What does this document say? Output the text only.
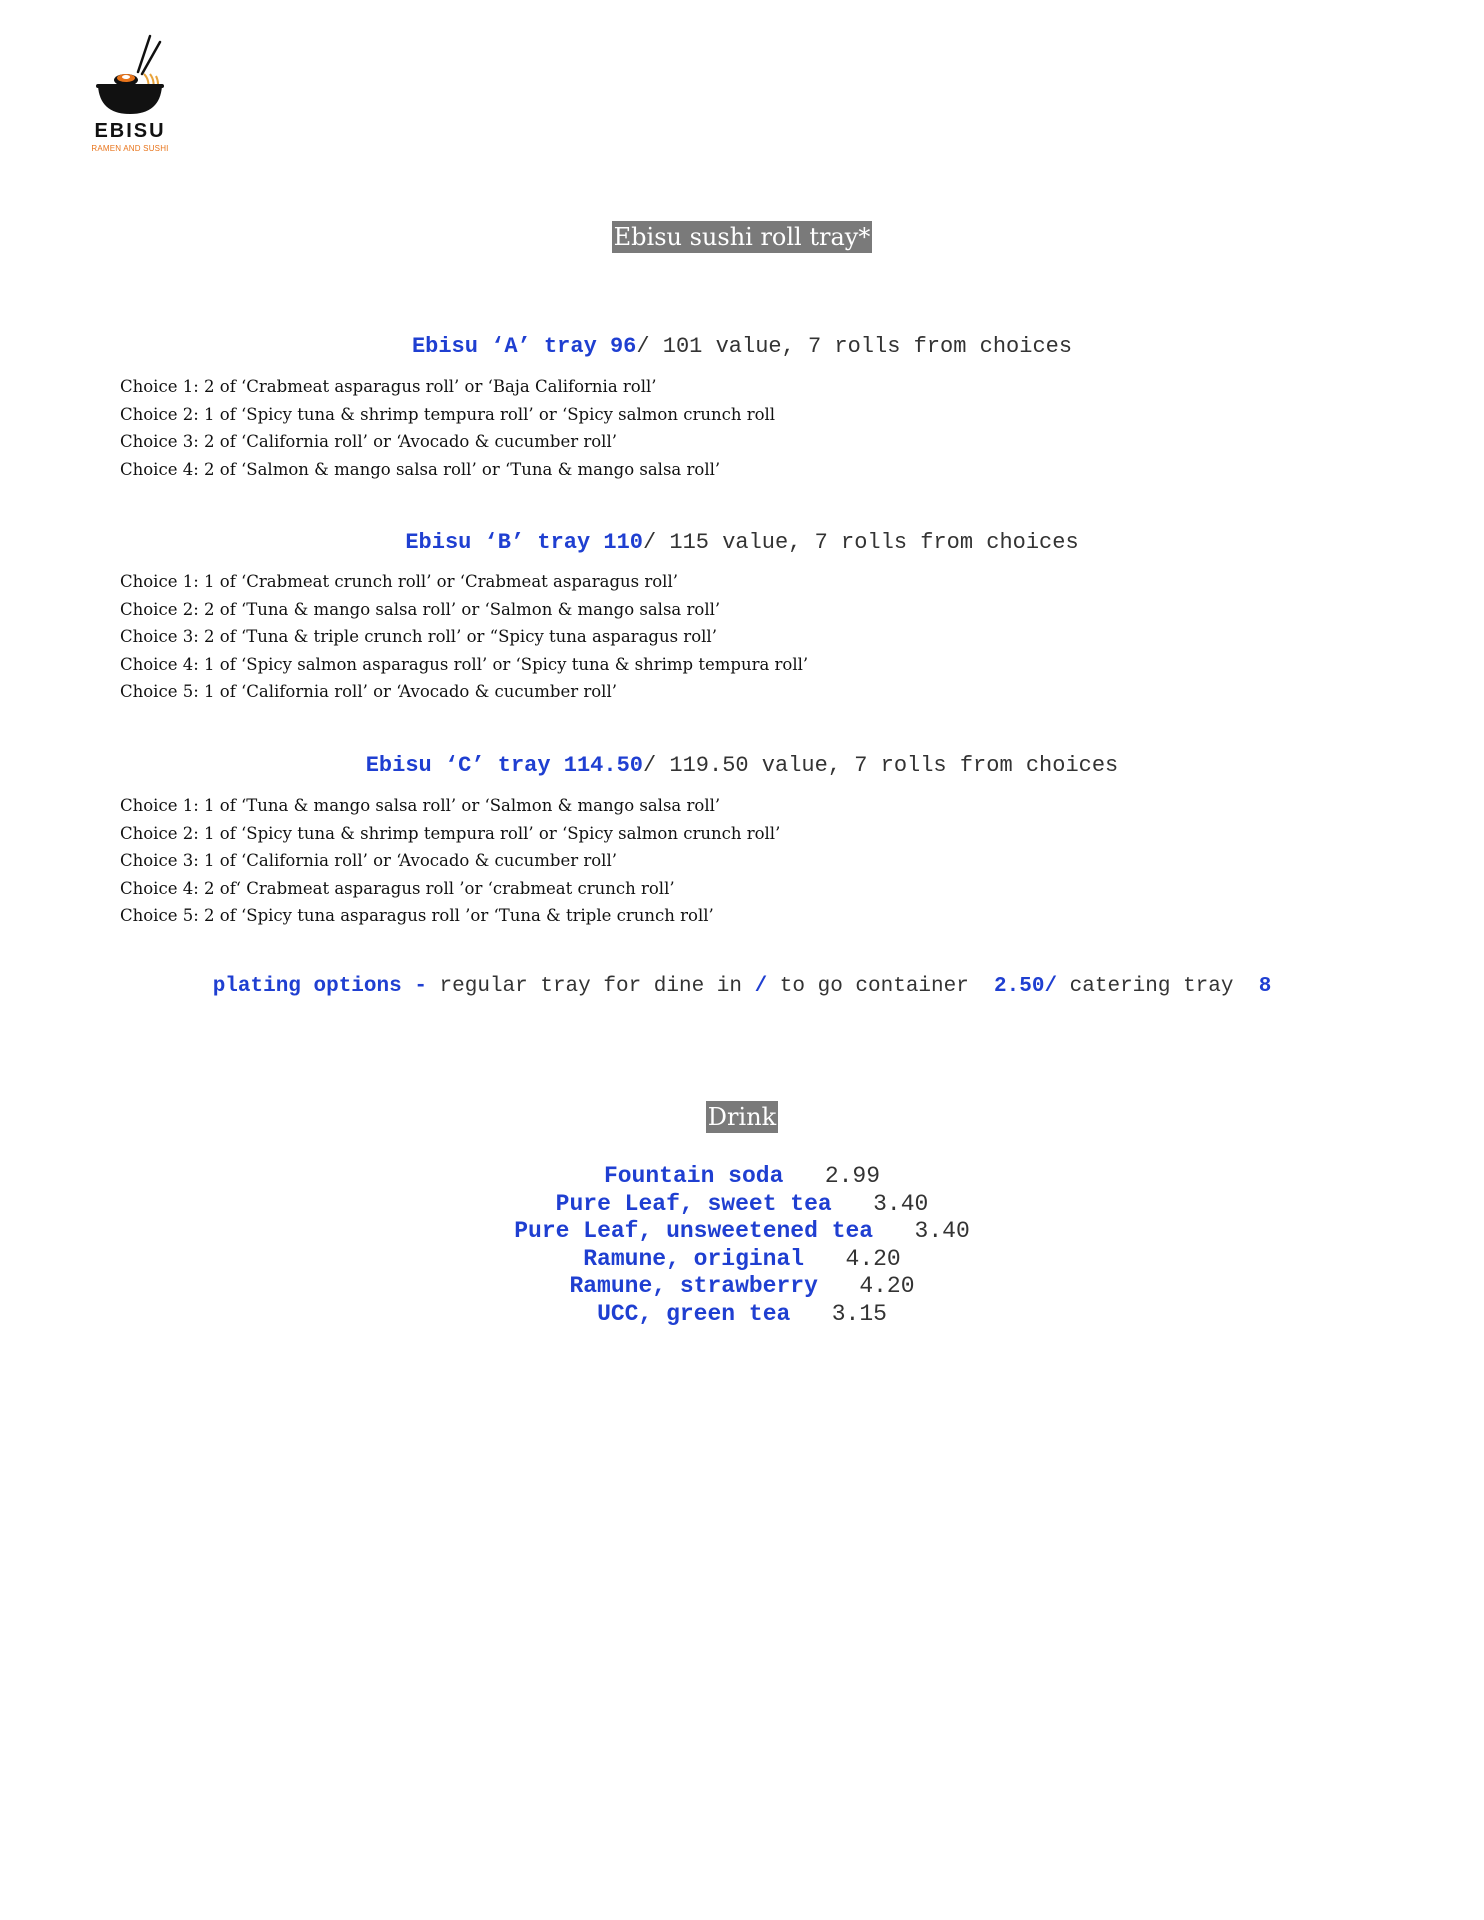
EBISU
RAMEN AND SUSHI
Ebisu sushi roll tray*
Ebisu ‘A’ tray 96/ 101 value, 7 rolls from choices
Choice 1: 2 of ‘Crabmeat asparagus roll’ or ‘Baja California roll’
Choice 2: 1 of ‘Spicy tuna & shrimp tempura roll’ or ‘Spicy salmon crunch roll
Choice 3: 2 of ‘California roll’ or ‘Avocado & cucumber roll’
Choice 4: 2 of ‘Salmon & mango salsa roll’ or ‘Tuna & mango salsa roll’
Ebisu ‘B’ tray 110/ 115 value, 7 rolls from choices
Choice 1: 1 of ‘Crabmeat crunch roll’ or ‘Crabmeat asparagus roll’
Choice 2: 2 of ‘Tuna & mango salsa roll’ or ‘Salmon & mango salsa roll’
Choice 3: 2 of ‘Tuna & triple crunch roll’ or “Spicy tuna asparagus roll’
Choice 4: 1 of ‘Spicy salmon asparagus roll’ or ‘Spicy tuna & shrimp tempura roll’
Choice 5: 1 of ‘California roll’ or ‘Avocado & cucumber roll’
Ebisu ‘C’ tray 114.50/ 119.50 value, 7 rolls from choices
Choice 1: 1 of ‘Tuna & mango salsa roll’ or ‘Salmon & mango salsa roll’
Choice 2: 1 of ‘Spicy tuna & shrimp tempura roll’ or ‘Spicy salmon crunch roll’
Choice 3: 1 of ‘California roll’ or ‘Avocado & cucumber roll’
Choice 4: 2 of‘ Crabmeat asparagus roll ’or ‘crabmeat crunch roll’
Choice 5: 2 of ‘Spicy tuna asparagus roll ’or ‘Tuna & triple crunch roll’
plating options - regular tray for dine in / to go container  2.50/ catering tray  8
Drink
Fountain soda 2.99
Pure Leaf, sweet tea 3.40
Pure Leaf, unsweetened tea 3.40
Ramune, original 4.20
Ramune, strawberry 4.20
UCC, green tea 3.15
